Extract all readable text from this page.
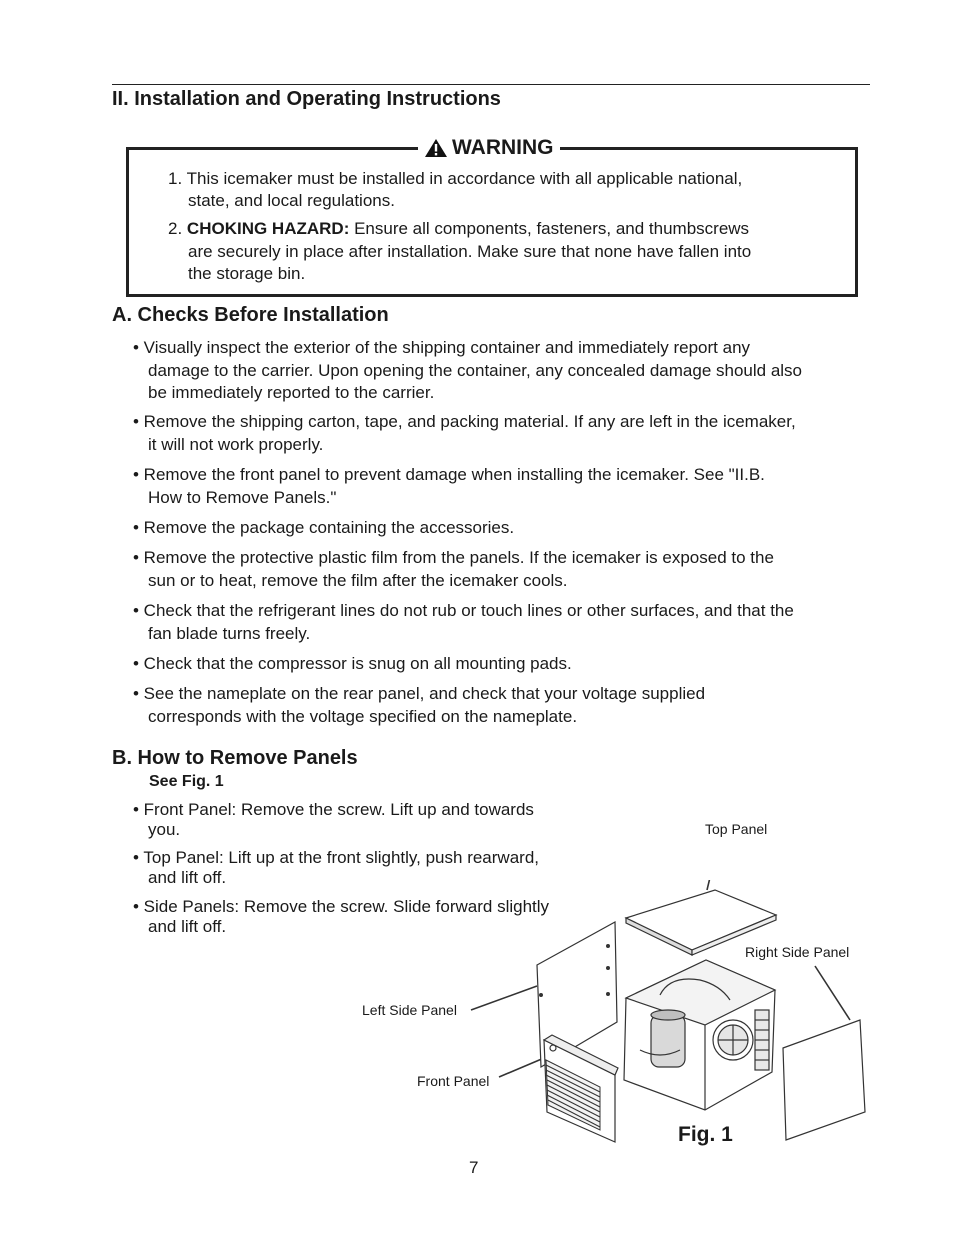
II. Installation and Operating Instructions
WARNING
1. This icemaker must be installed in accordance with all applicable national,
state, and local regulations.
2. CHOKING HAZARD: Ensure all components, fasteners, and thumbscrews
are securely in place after installation. Make sure that none have fallen into
the storage bin.
A. Checks Before Installation
• Visually inspect the exterior of the shipping container and immediately report any
damage to the carrier. Upon opening the container, any concealed damage should also
be immediately reported to the carrier.
• Remove the shipping carton, tape, and packing material. If any are left in the icemaker,
it will not work properly.
• Remove the front panel to prevent damage when installing the icemaker. See "II.B.
How to Remove Panels."
• Remove the package containing the accessories.
• Remove the protective plastic film from the panels. If the icemaker is exposed to the
sun or to heat, remove the film after the icemaker cools.
• Check that the refrigerant lines do not rub or touch lines or other surfaces, and that the
fan blade turns freely.
• Check that the compressor is snug on all mounting pads.
• See the nameplate on the rear panel, and check that your voltage supplied
corresponds with the voltage specified on the nameplate.
B. How to Remove Panels
See Fig. 1
• Front Panel: Remove the screw. Lift up and towards
you.
• Top Panel: Lift up at the front slightly, push rearward,
and lift off.
• Side Panels: Remove the screw. Slide forward slightly
and lift off.
Top Panel
Right Side Panel
Left Side Panel
Front Panel
Fig. 1
7
